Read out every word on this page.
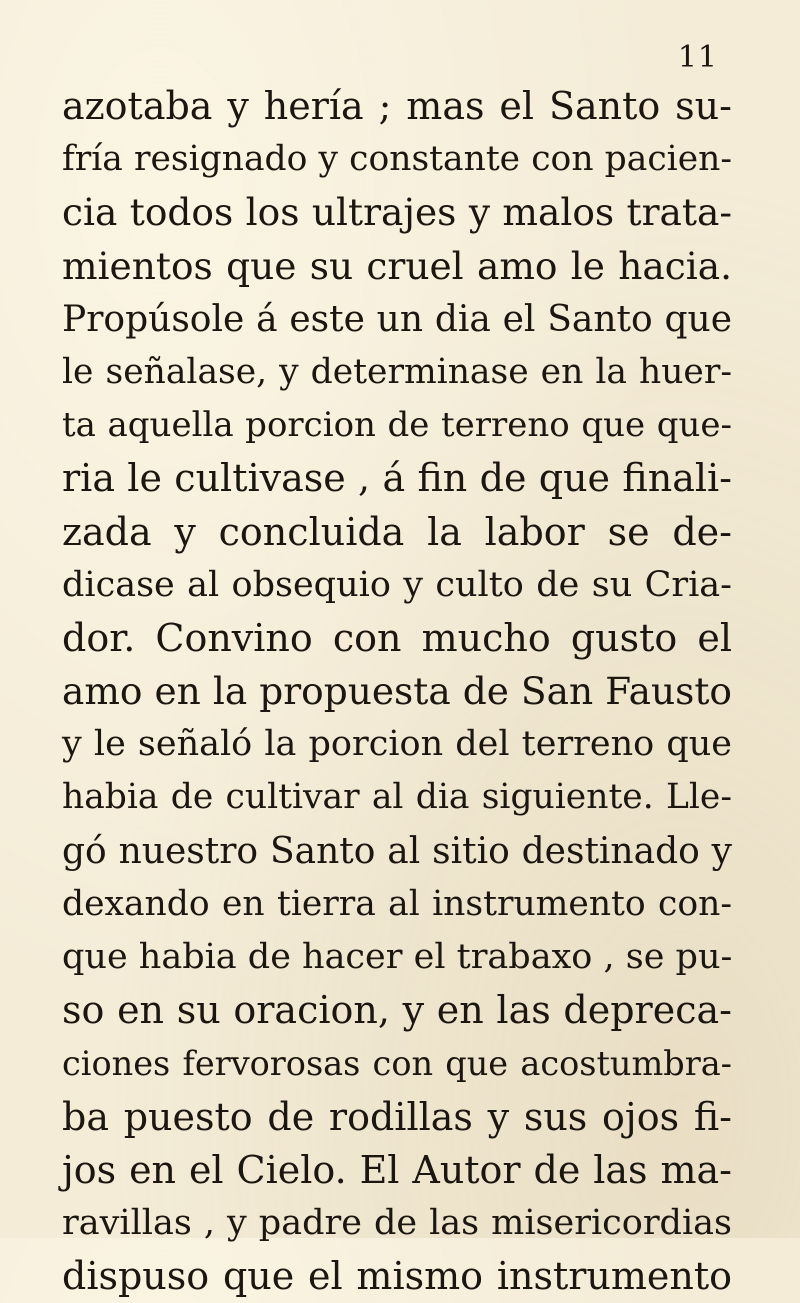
11
azotaba y hería ; mas el Santo su-
fría resignado y constante con pacien-
cia todos los ultrajes y malos trata-
mientos que su cruel amo le hacia.
Propúsole á este un dia el Santo que
le señalase, y determinase en la huer-
ta aquella porcion de terreno que que-
ria le cultivase , á fin de que finali-
zada y concluida la labor se de-
dicase al obsequio y culto de su Cria-
dor. Convino con mucho gusto el
amo en la propuesta de San Fausto
y le señaló la porcion del terreno que
habia de cultivar al dia siguiente. Lle-
gó nuestro Santo al sitio destinado y
dexando en tierra al instrumento con-
que habia de hacer el trabaxo , se pu-
so en su oracion, y en las depreca-
ciones fervorosas con que acostumbra-
ba puesto de rodillas y sus ojos fi-
jos en el Cielo. El Autor de las ma-
ravillas , y padre de las misericordias
dispuso que el mismo instrumento
